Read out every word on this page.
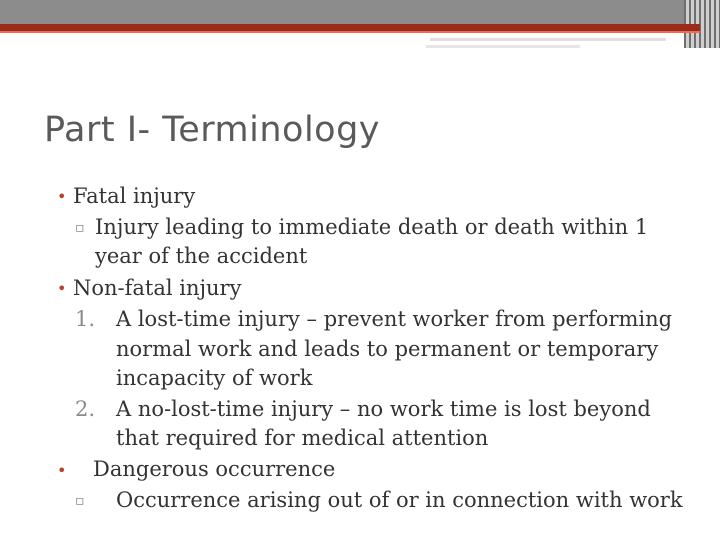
Part I- Terminology
• Fatal injury
▫ Injury leading to immediate death or death within 1
year of the accident
• Non-fatal injury
1. A lost-time injury – prevent worker from performing
normal work and leads to permanent or temporary
incapacity of work
2. A no-lost-time injury – no work time is lost beyond
that required for medical attention
• Dangerous occurrence
▫ Occurrence arising out of or in connection with work
